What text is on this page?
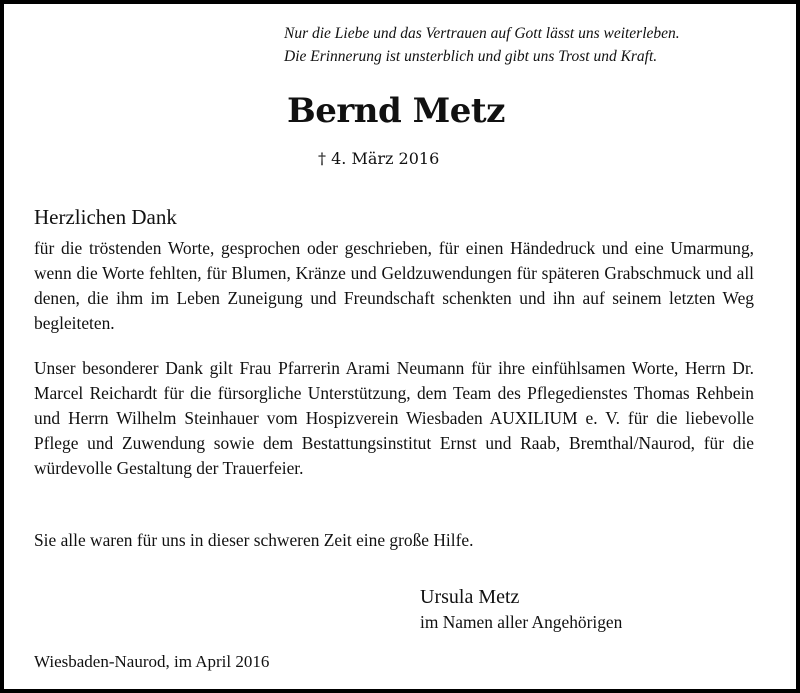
Nur die Liebe und das Vertrauen auf Gott lässt uns weiterleben.
Die Erinnerung ist unsterblich und gibt uns Trost und Kraft.
Bernd Metz
† 4. März 2016
Herzlichen Dank
für die tröstenden Worte, gesprochen oder geschrieben, für einen Händedruck und eine Umarmung, wenn die Worte fehlten, für Blumen, Kränze und Geldzuwendungen für späteren Grabschmuck und all denen, die ihm im Leben Zuneigung und Freundschaft schenkten und ihn auf seinem letzten Weg begleiteten.
Unser besonderer Dank gilt Frau Pfarrerin Arami Neumann für ihre einfühlsamen Worte, Herrn Dr. Marcel Reichardt für die fürsorgliche Unterstützung, dem Team des Pflegedienstes Thomas Rehbein und Herrn Wilhelm Steinhauer vom Hospizverein Wiesbaden AUXILIUM e. V. für die liebevolle Pflege und Zuwendung sowie dem Bestattungsinstitut Ernst und Raab, Bremthal/Naurod, für die würdevolle Gestaltung der Trauerfeier.
Sie alle waren für uns in dieser schweren Zeit eine große Hilfe.
Ursula Metz
im Namen aller Angehörigen
Wiesbaden-Naurod, im April 2016
